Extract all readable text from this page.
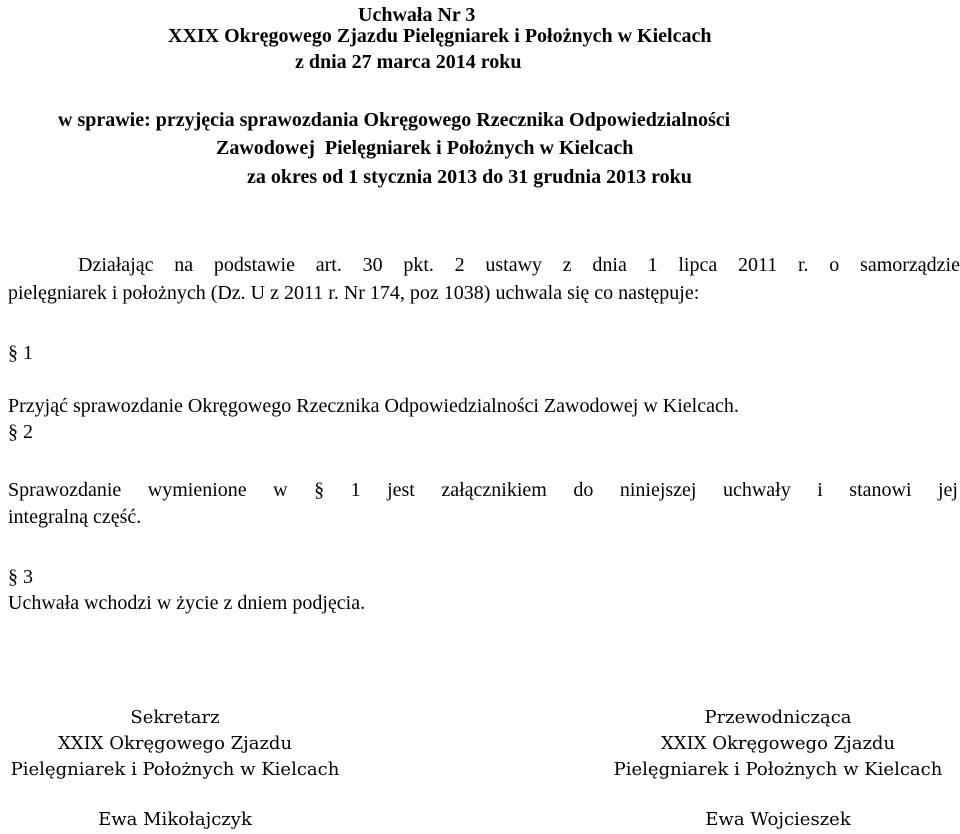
Uchwała Nr 3
XXIX Okręgowego Zjazdu Pielęgniarek i Położnych w Kielcach
z dnia 27 marca 2014 roku
w sprawie: przyjęcia sprawozdania Okręgowego Rzecznika Odpowiedzialności
Zawodowej  Pielęgniarek i Położnych w Kielcach
za okres od 1 stycznia 2013 do 31 grudnia 2013 roku
Działając na podstawie art. 30 pkt. 2 ustawy z dnia 1 lipca 2011 r. o samorządzie
pielęgniarek i położnych (Dz. U z 2011 r. Nr 174, poz 1038) uchwala się co następuje:
§ 1
Przyjąć sprawozdanie Okręgowego Rzecznika Odpowiedzialności Zawodowej w Kielcach.
§ 2
Sprawozdanie wymienione w § 1 jest załącznikiem do niniejszej uchwały i stanowi jej
integralną część.
§ 3
Uchwała wchodzi w życie z dniem podjęcia.
Sekretarz
XXIX Okręgowego Zjazdu
Pielęgniarek i Położnych w Kielcach
Ewa Mikołajczyk
Przewodnicząca
XXIX Okręgowego Zjazdu
Pielęgniarek i Położnych w Kielcach
Ewa Wojcieszek
